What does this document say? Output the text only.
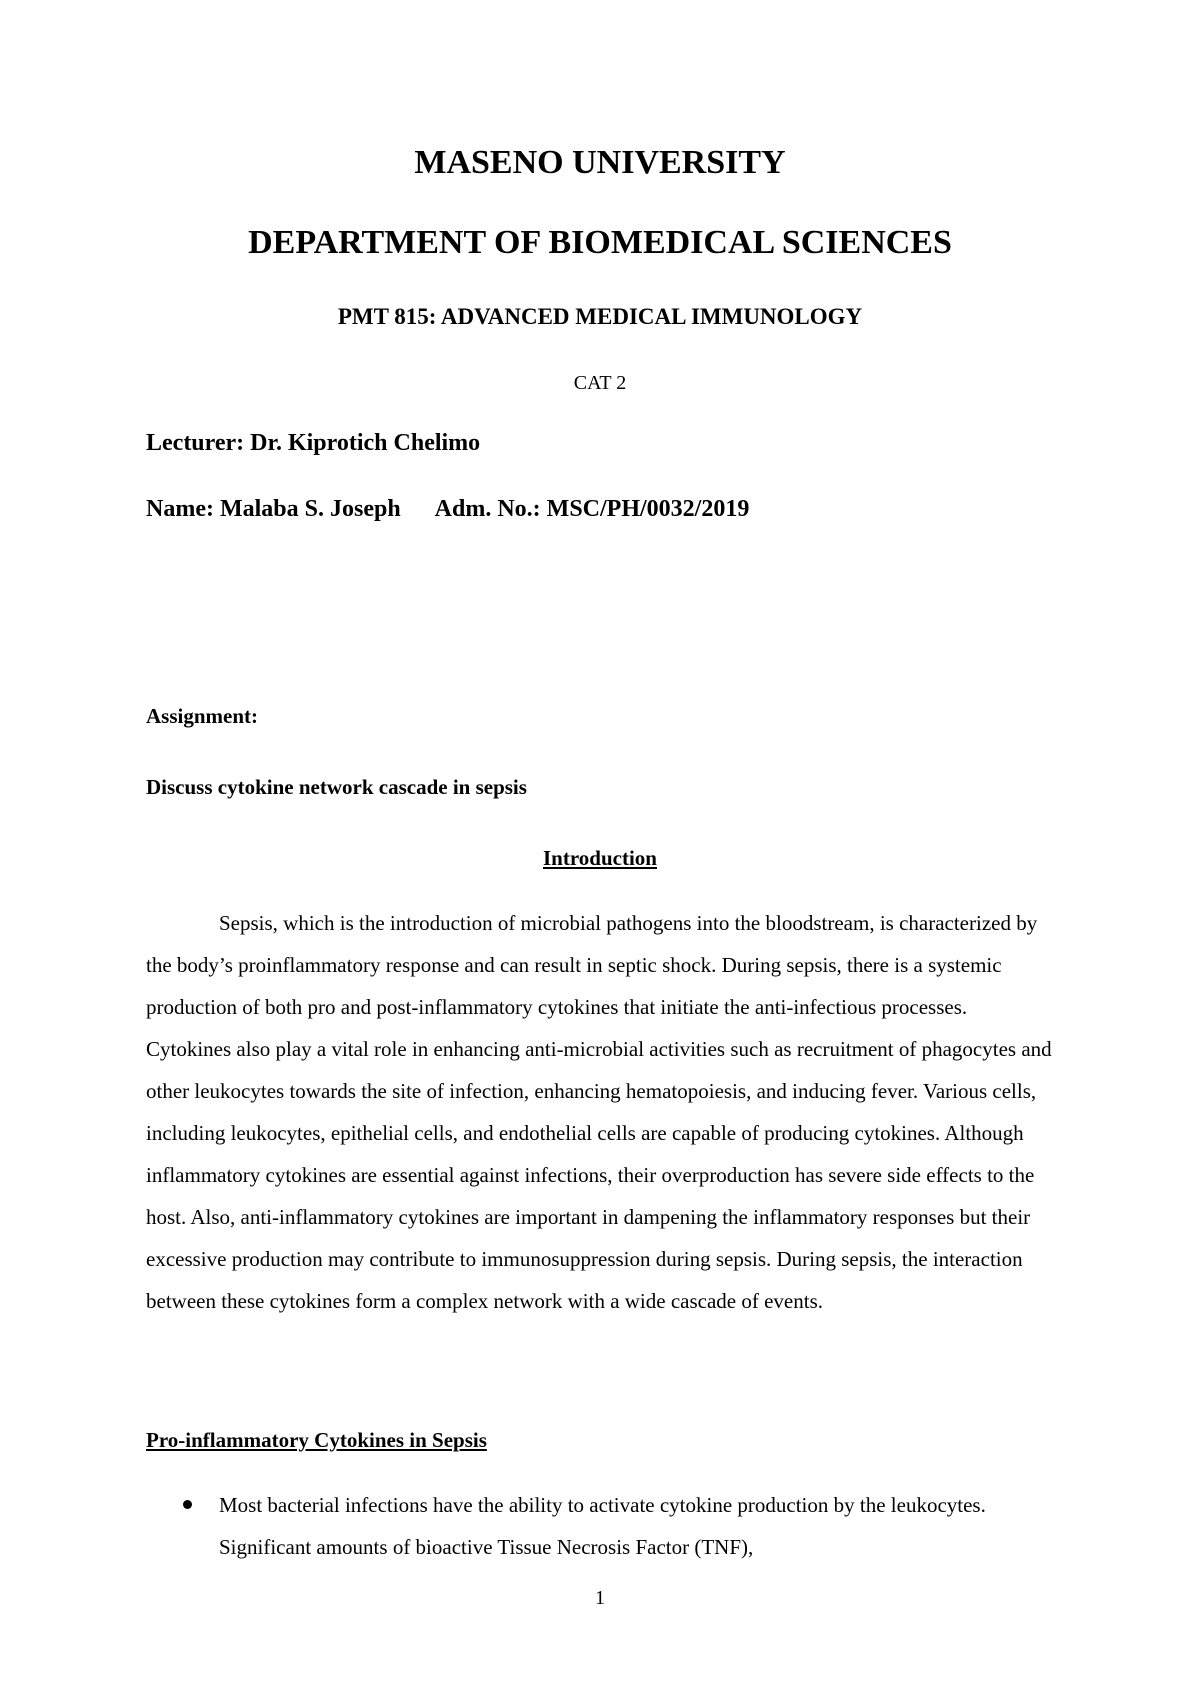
MASENO UNIVERSITY
DEPARTMENT OF BIOMEDICAL SCIENCES
PMT 815: ADVANCED MEDICAL IMMUNOLOGY
CAT 2
Lecturer: Dr. Kiprotich Chelimo
Name: Malaba S. Joseph Adm. No.: MSC/PH/0032/2019
Assignment:
Discuss cytokine network cascade in sepsis
Introduction

Sepsis, which is the introduction of microbial pathogens into the bloodstream, is characterized by the body’s proinflammatory response and can result in septic shock. During sepsis, there is a systemic production of both pro and post-inflammatory cytokines that initiate the anti-infectious processes. Cytokines also play a vital role in enhancing anti-microbial activities such as recruitment of phagocytes and other leukocytes towards the site of infection, enhancing hematopoiesis, and inducing fever. Various cells, including leukocytes, epithelial cells, and endothelial cells are capable of producing cytokines. Although inflammatory cytokines are essential against infections, their overproduction has severe side effects to the host. Also, anti-inflammatory cytokines are important in dampening the inflammatory responses but their excessive production may contribute to immunosuppression during sepsis. During sepsis, the interaction between these cytokines form a complex network with a wide cascade of events.

Pro-inflammatory Cytokines in Sepsis
Most bacterial infections have the ability to activate cytokine production by the leukocytes. Significant amounts of bioactive Tissue Necrosis Factor (TNF),
1
